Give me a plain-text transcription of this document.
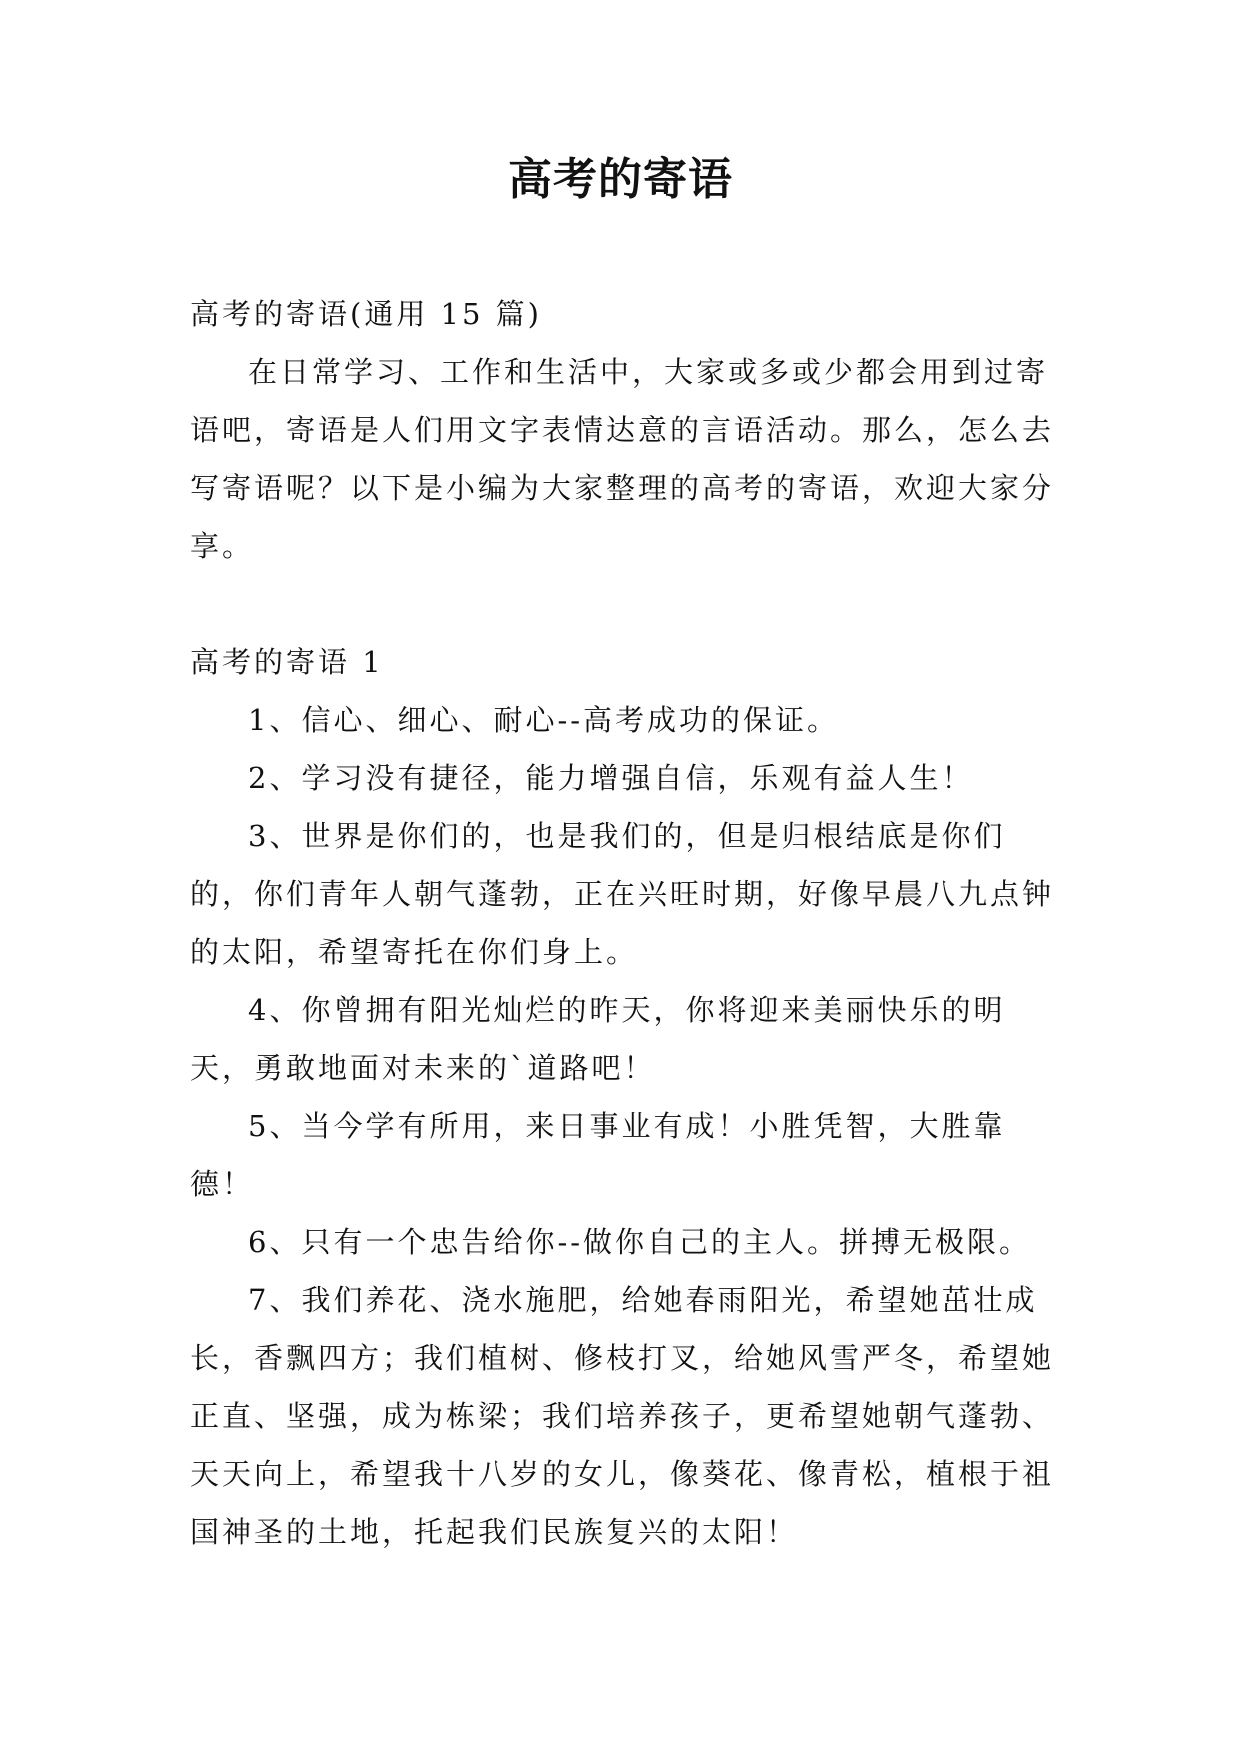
高考的寄语

高考的寄语(通用 15 篇)

在日常学习、工作和生活中，大家或多或少都会用到过寄语吧，寄语是人们用文字表情达意的言语活动。那么，怎么去写寄语呢？以下是小编为大家整理的高考的寄语，欢迎大家分享。

高考的寄语 1

1、信心、细心、耐心--高考成功的保证。

2、学习没有捷径，能力增强自信，乐观有益人生！

3、世界是你们的，也是我们的，但是归根结底是你们的，你们青年人朝气蓬勃，正在兴旺时期，好像早晨八九点钟的太阳，希望寄托在你们身上。

4、你曾拥有阳光灿烂的昨天，你将迎来美丽快乐的明天，勇敢地面对未来的`道路吧！

5、当今学有所用，来日事业有成！小胜凭智，大胜靠德！

6、只有一个忠告给你--做你自己的主人。拼搏无极限。

7、我们养花、浇水施肥，给她春雨阳光，希望她茁壮成长，香飘四方；我们植树、修枝打叉，给她风雪严冬，希望她正直、坚强，成为栋梁；我们培养孩子，更希望她朝气蓬勃、天天向上，希望我十八岁的女儿，像葵花、像青松，植根于祖国神圣的土地，托起我们民族复兴的太阳！
